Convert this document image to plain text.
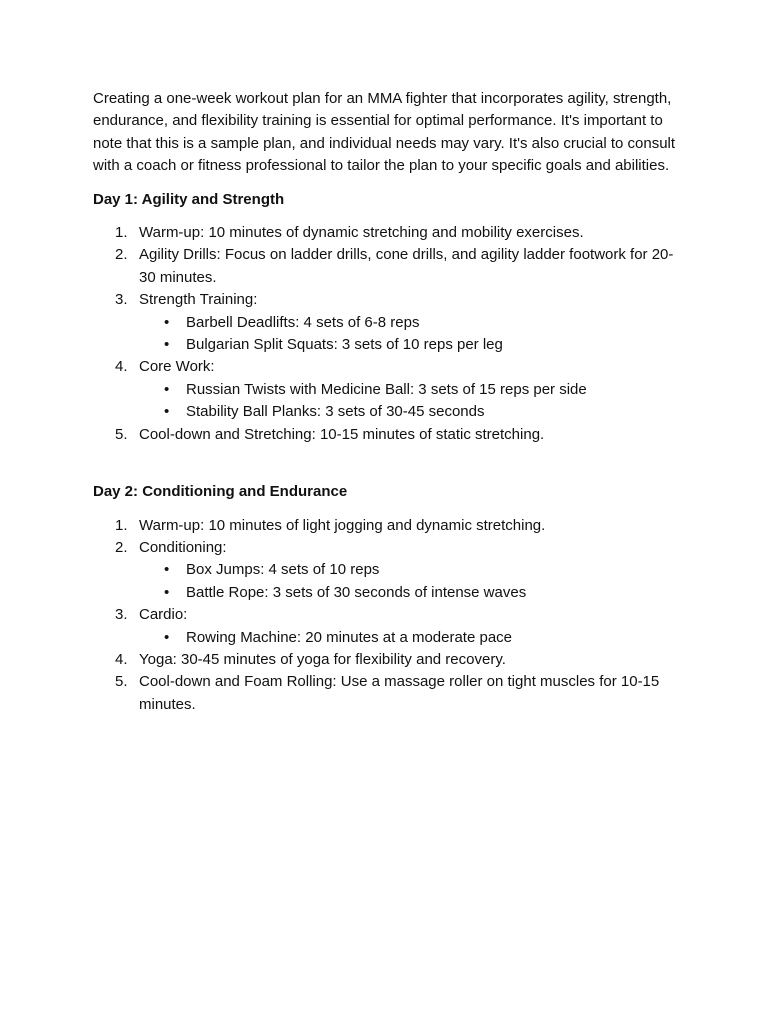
Creating a one-week workout plan for an MMA fighter that incorporates agility, strength, endurance, and flexibility training is essential for optimal performance. It's important to note that this is a sample plan, and individual needs may vary. It's also crucial to consult with a coach or fitness professional to tailor the plan to your specific goals and abilities.

Day 1: Agility and Strength
1. Warm-up: 10 minutes of dynamic stretching and mobility exercises.
2. Agility Drills: Focus on ladder drills, cone drills, and agility ladder footwork for 20-30 minutes.
3. Strength Training:
• Barbell Deadlifts: 4 sets of 6-8 reps
• Bulgarian Split Squats: 3 sets of 10 reps per leg
4. Core Work:
• Russian Twists with Medicine Ball: 3 sets of 15 reps per side
• Stability Ball Planks: 3 sets of 30-45 seconds
5. Cool-down and Stretching: 10-15 minutes of static stretching.
Day 2: Conditioning and Endurance
1. Warm-up: 10 minutes of light jogging and dynamic stretching.
2. Conditioning:
• Box Jumps: 4 sets of 10 reps
• Battle Rope: 3 sets of 30 seconds of intense waves
3. Cardio:
• Rowing Machine: 20 minutes at a moderate pace
4. Yoga: 30-45 minutes of yoga for flexibility and recovery.
5. Cool-down and Foam Rolling: Use a massage roller on tight muscles for 10-15 minutes.
